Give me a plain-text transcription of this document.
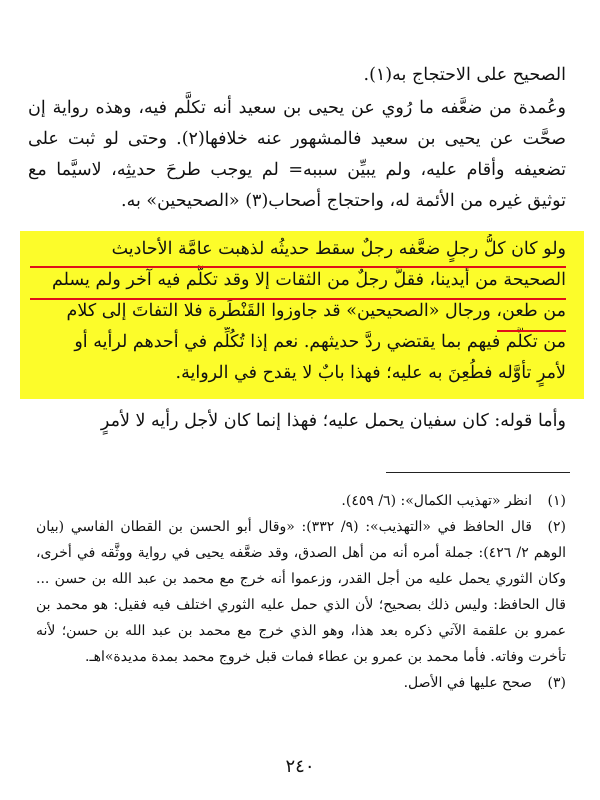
الصحيح على الاحتجاج به(١).

وعُمدة من ضعَّفه ما رُوي عن يحيى بن سعيد أنه تكلَّم فيه، وهذه رواية إن صحَّت عن يحيى بن سعيد فالمشهور عنه خلافها(٢). وحتى لو ثبت على تضعيفه وأقام عليه، ولم يبيِّن سببه= لم يوجب طرحَ حديثِه، لاسيَّما مع توثيق غيره من الأئمة له، واحتجاج أصحاب(٣) «الصحيحين» به.

ولو كان كلُّ رجلٍ ضعَّفه رجلٌ سقط حديثُه لذهبت عامَّة الأحاديث
الصحيحة من أيدينا، فقلَّ رجلٌ من الثقات إلا وقد تكلَّم فيه آخر ولم يسلم
من طعن، ورجال «الصحيحين» قد جاوزوا القَنْطَرة فلا التفاتَ إلى كلام
من تكلَّم فيهم بما يقتضي ردَّ حديثهم. نعم إذا تُكُلِّم في أحدهم لرأيه أو
لأمرٍ تأوَّله فطُعِنَ به عليه؛ فهذا بابٌ لا يقدح في الرواية.

وأما قوله: كان سفيان يحمل عليه؛ فهذا إنما كان لأجل رأيه لا لأمرٍ

(١)انظر «تهذيب الكمال»: (٦/ ٤٥٩).

(٢)قال الحافظ في «التهذيب»: (٩/ ٣٣٢): «وقال أبو الحسن بن القطان الفاسي (بيان الوهم ٢/ ٤٢٦): جملة أمره أنه من أهل الصدق، وقد ضعَّفه يحيى في رواية ووثَّقه في أخرى، وكان الثوري يحمل عليه من أجل القدر، وزعموا أنه خرج مع محمد بن عبد الله بن حسن ... قال الحافظ: وليس ذلك بصحيح؛ لأن الذي حمل عليه الثوري اختلف فيه فقيل: هو محمد بن عمرو بن علقمة الآتي ذكره بعد هذا، وهو الذي خرج مع محمد بن عبد الله بن حسن؛ لأنه تأخرت وفاته. فأما محمد بن عمرو بن عطاء فمات قبل خروج محمد بمدة مديدة»اهـ.

(٣)صحح عليها في الأصل.

٢٤٠
